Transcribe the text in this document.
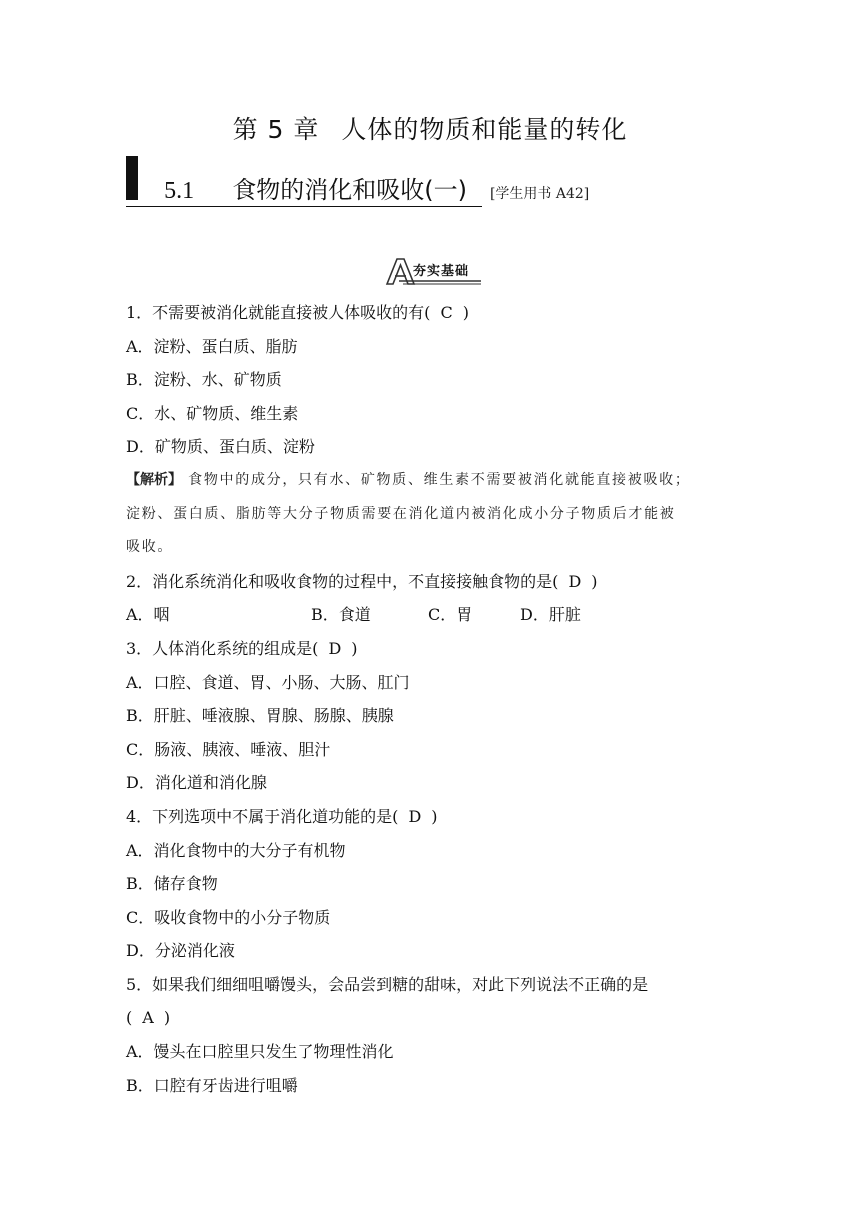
第 5 章 人体的物质和能量的转化
5.1 食物的消化和吸收(一) [学生用书 A42]
夯实基础
1．不需要被消化就能直接被人体吸收的有( C )
A．淀粉、蛋白质、脂肪
B．淀粉、水、矿物质
C．水、矿物质、维生素
D．矿物质、蛋白质、淀粉
【解析】 食物中的成分，只有水、矿物质、维生素不需要被消化就能直接被吸收；
淀粉、蛋白质、脂肪等大分子物质需要在消化道内被消化成小分子物质后才能被
吸收。
2．消化系统消化和吸收食物的过程中，不直接接触食物的是( D )
A．咽	B．食道	C．胃	D．肝脏
3．人体消化系统的组成是( D )
A．口腔、食道、胃、小肠、大肠、肛门
B．肝脏、唾液腺、胃腺、肠腺、胰腺
C．肠液、胰液、唾液、胆汁
D．消化道和消化腺
4．下列选项中不属于消化道功能的是( D )
A．消化食物中的大分子有机物
B．储存食物
C．吸收食物中的小分子物质
D．分泌消化液
5．如果我们细细咀嚼馒头，会品尝到糖的甜味，对此下列说法不正确的是
( A )
A．馒头在口腔里只发生了物理性消化
B．口腔有牙齿进行咀嚼
